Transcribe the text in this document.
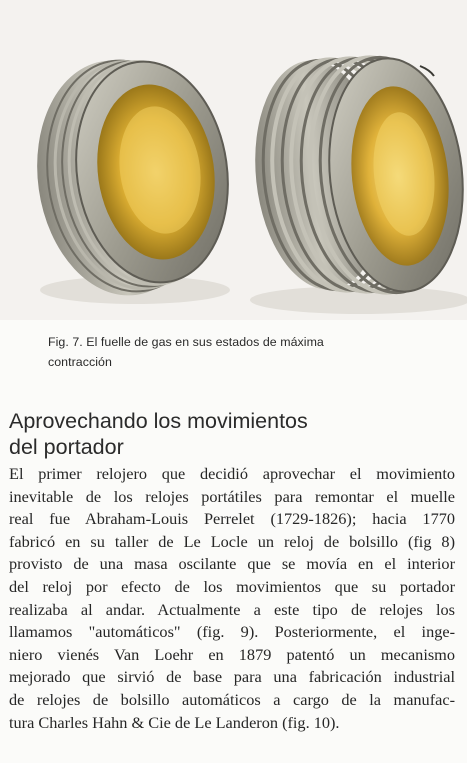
Fig. 7. El fuelle de gas en sus estados de máxima
contracción
Aprovechando los movimientos
del portador
El primer relojero que decidió aprovechar el movimiento
inevitable de los relojes portátiles para remontar el muelle
real fue Abraham-Louis Perrelet (1729-1826); hacia 1770
fabricó en su taller de Le Locle un reloj de bolsillo (fig 8)
provisto de una masa oscilante que se movía en el interior
del reloj por efecto de los movimientos que su portador
realizaba al andar. Actualmente a este tipo de relojes los
llamamos "automáticos" (fig. 9). Posteriormente, el inge-
niero vienés Van Loehr en 1879 patentó un mecanismo
mejorado que sirvió de base para una fabricación industrial
de relojes de bolsillo automáticos a cargo de la manufac-
tura Charles Hahn & Cie de Le Landeron (fig. 10).
